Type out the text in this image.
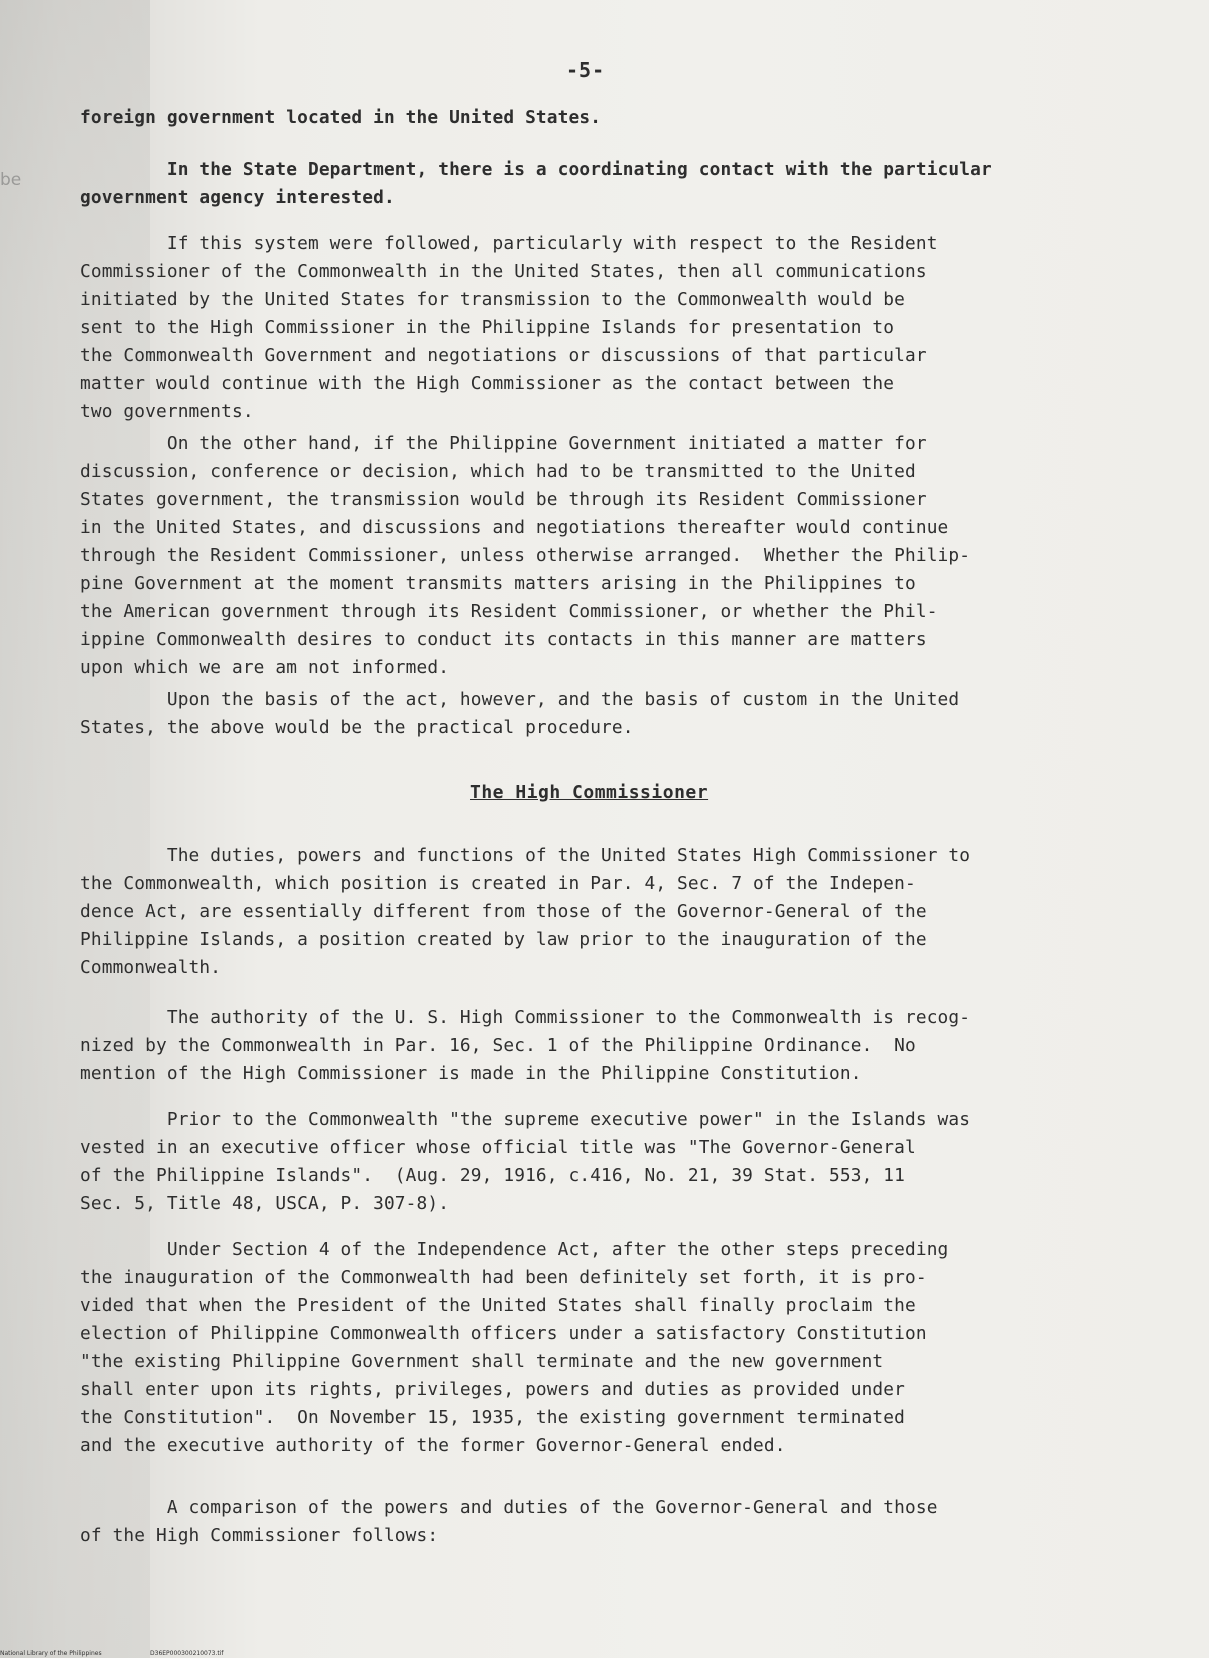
-5-
be

foreign government located in the United States.

In the State Department, there is a coordinating contact with the particular
government agency interested.

If this system were followed, particularly with respect to the Resident
Commissioner of the Commonwealth in the United States, then all communications
initiated by the United States for transmission to the Commonwealth would be
sent to the High Commissioner in the Philippine Islands for presentation to
the Commonwealth Government and negotiations or discussions of that particular
matter would continue with the High Commissioner as the contact between the
two governments.

On the other hand, if the Philippine Government initiated a matter for
discussion, conference or decision, which had to be transmitted to the United
States government, the transmission would be through its Resident Commissioner
in the United States, and discussions and negotiations thereafter would continue
through the Resident Commissioner, unless otherwise arranged.  Whether the Philip-
pine Government at the moment transmits matters arising in the Philippines to
the American government through its Resident Commissioner, or whether the Phil-
ippine Commonwealth desires to conduct its contacts in this manner are matters
upon which we are am not informed.

Upon the basis of the act, however, and the basis of custom in the United
States, the above would be the practical procedure.

The High Commissioner

The duties, powers and functions of the United States High Commissioner to
the Commonwealth, which position is created in Par. 4, Sec. 7 of the Indepen-
dence Act, are essentially different from those of the Governor-General of the
Philippine Islands, a position created by law prior to the inauguration of the
Commonwealth.

The authority of the U. S. High Commissioner to the Commonwealth is recog-
nized by the Commonwealth in Par. 16, Sec. 1 of the Philippine Ordinance.  No
mention of the High Commissioner is made in the Philippine Constitution.

Prior to the Commonwealth "the supreme executive power" in the Islands was
vested in an executive officer whose official title was "The Governor-General
of the Philippine Islands".  (Aug. 29, 1916, c.416, No. 21, 39 Stat. 553, 11
Sec. 5, Title 48, USCA, P. 307-8).

Under Section 4 of the Independence Act, after the other steps preceding
the inauguration of the Commonwealth had been definitely set forth, it is pro-
vided that when the President of the United States shall finally proclaim the
election of Philippine Commonwealth officers under a satisfactory Constitution
"the existing Philippine Government shall terminate and the new government
shall enter upon its rights, privileges, powers and duties as provided under
the Constitution".  On November 15, 1935, the existing government terminated
and the executive authority of the former Governor-General ended.

A comparison of the powers and duties of the Governor-General and those
of the High Commissioner follows:

National Library of the Philippines	D36EP000300210073.tif
